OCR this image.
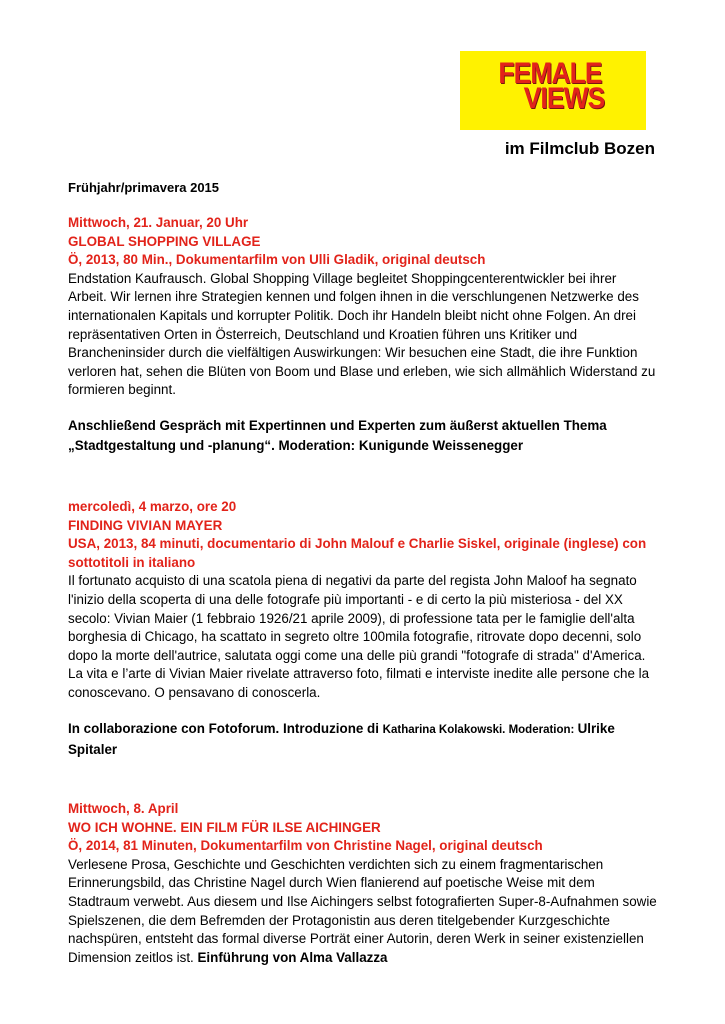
FEMALE
VIEWS
im Filmclub Bozen
Frühjahr/primavera 2015
Mittwoch, 21. Januar, 20 Uhr
GLOBAL SHOPPING VILLAGE
Ö, 2013, 80 Min., Dokumentarfilm von Ulli Gladik, original deutsch

Endstation Kaufrausch. Global Shopping Village begleitet Shoppingcenterentwickler bei ihrer Arbeit. Wir lernen ihre Strategien kennen und folgen ihnen in die verschlungenen Netzwerke des internationalen Kapitals und korrupter Politik. Doch ihr Handeln bleibt nicht ohne Folgen. An drei repräsentativen Orten in Österreich, Deutschland und Kroatien führen uns Kritiker und Brancheninsider durch die vielfältigen Auswirkungen: Wir besuchen eine Stadt, die ihre Funktion verloren hat, sehen die Blüten von Boom und Blase und erleben, wie sich allmählich Widerstand zu formieren beginnt.

Anschließend Gespräch mit Expertinnen und Experten zum äußerst aktuellen Thema „Stadtgestaltung und -planung“. Moderation: Kunigunde Weissenegger
mercoledì, 4 marzo, ore 20
FINDING VIVIAN MAYER
USA, 2013, 84 minuti, documentario di John Malouf e Charlie Siskel, originale (inglese) con sottotitoli in italiano

Il fortunato acquisto di una scatola piena di negativi da parte del regista John Maloof ha segnato l'inizio della scoperta di una delle fotografe più importanti - e di certo la più misteriosa - del XX secolo: Vivian Maier (1 febbraio 1926/21 aprile 2009), di professione tata per le famiglie dell'alta borghesia di Chicago, ha scattato in segreto oltre 100mila fotografie, ritrovate dopo decenni, solo dopo la morte dell'autrice, salutata oggi come una delle più grandi "fotografe di strada" d'America. La vita e l’arte di Vivian Maier rivelate attraverso foto, filmati e interviste inedite alle persone che la conoscevano. O pensavano di conoscerla.

In collaborazione con Fotoforum. Introduzione di Katharina Kolakowski. Moderation: Ulrike Spitaler
Mittwoch, 8. April
WO ICH WOHNE. EIN FILM FÜR ILSE AICHINGER
Ö, 2014, 81 Minuten, Dokumentarfilm von Christine Nagel, original deutsch

Verlesene Prosa, Geschichte und Geschichten verdichten sich zu einem fragmentarischen Erinnerungsbild, das Christine Nagel durch Wien flanierend auf poetische Weise mit dem Stadtraum verwebt. Aus diesem und Ilse Aichingers selbst fotografierten Super-8-Aufnahmen sowie Spielszenen, die dem Befremden der Protagonistin aus deren titelgebender Kurzgeschichte nachspüren, entsteht das formal diverse Porträt einer Autorin, deren Werk in seiner existenziellen Dimension zeitlos ist. Einführung von Alma Vallazza
